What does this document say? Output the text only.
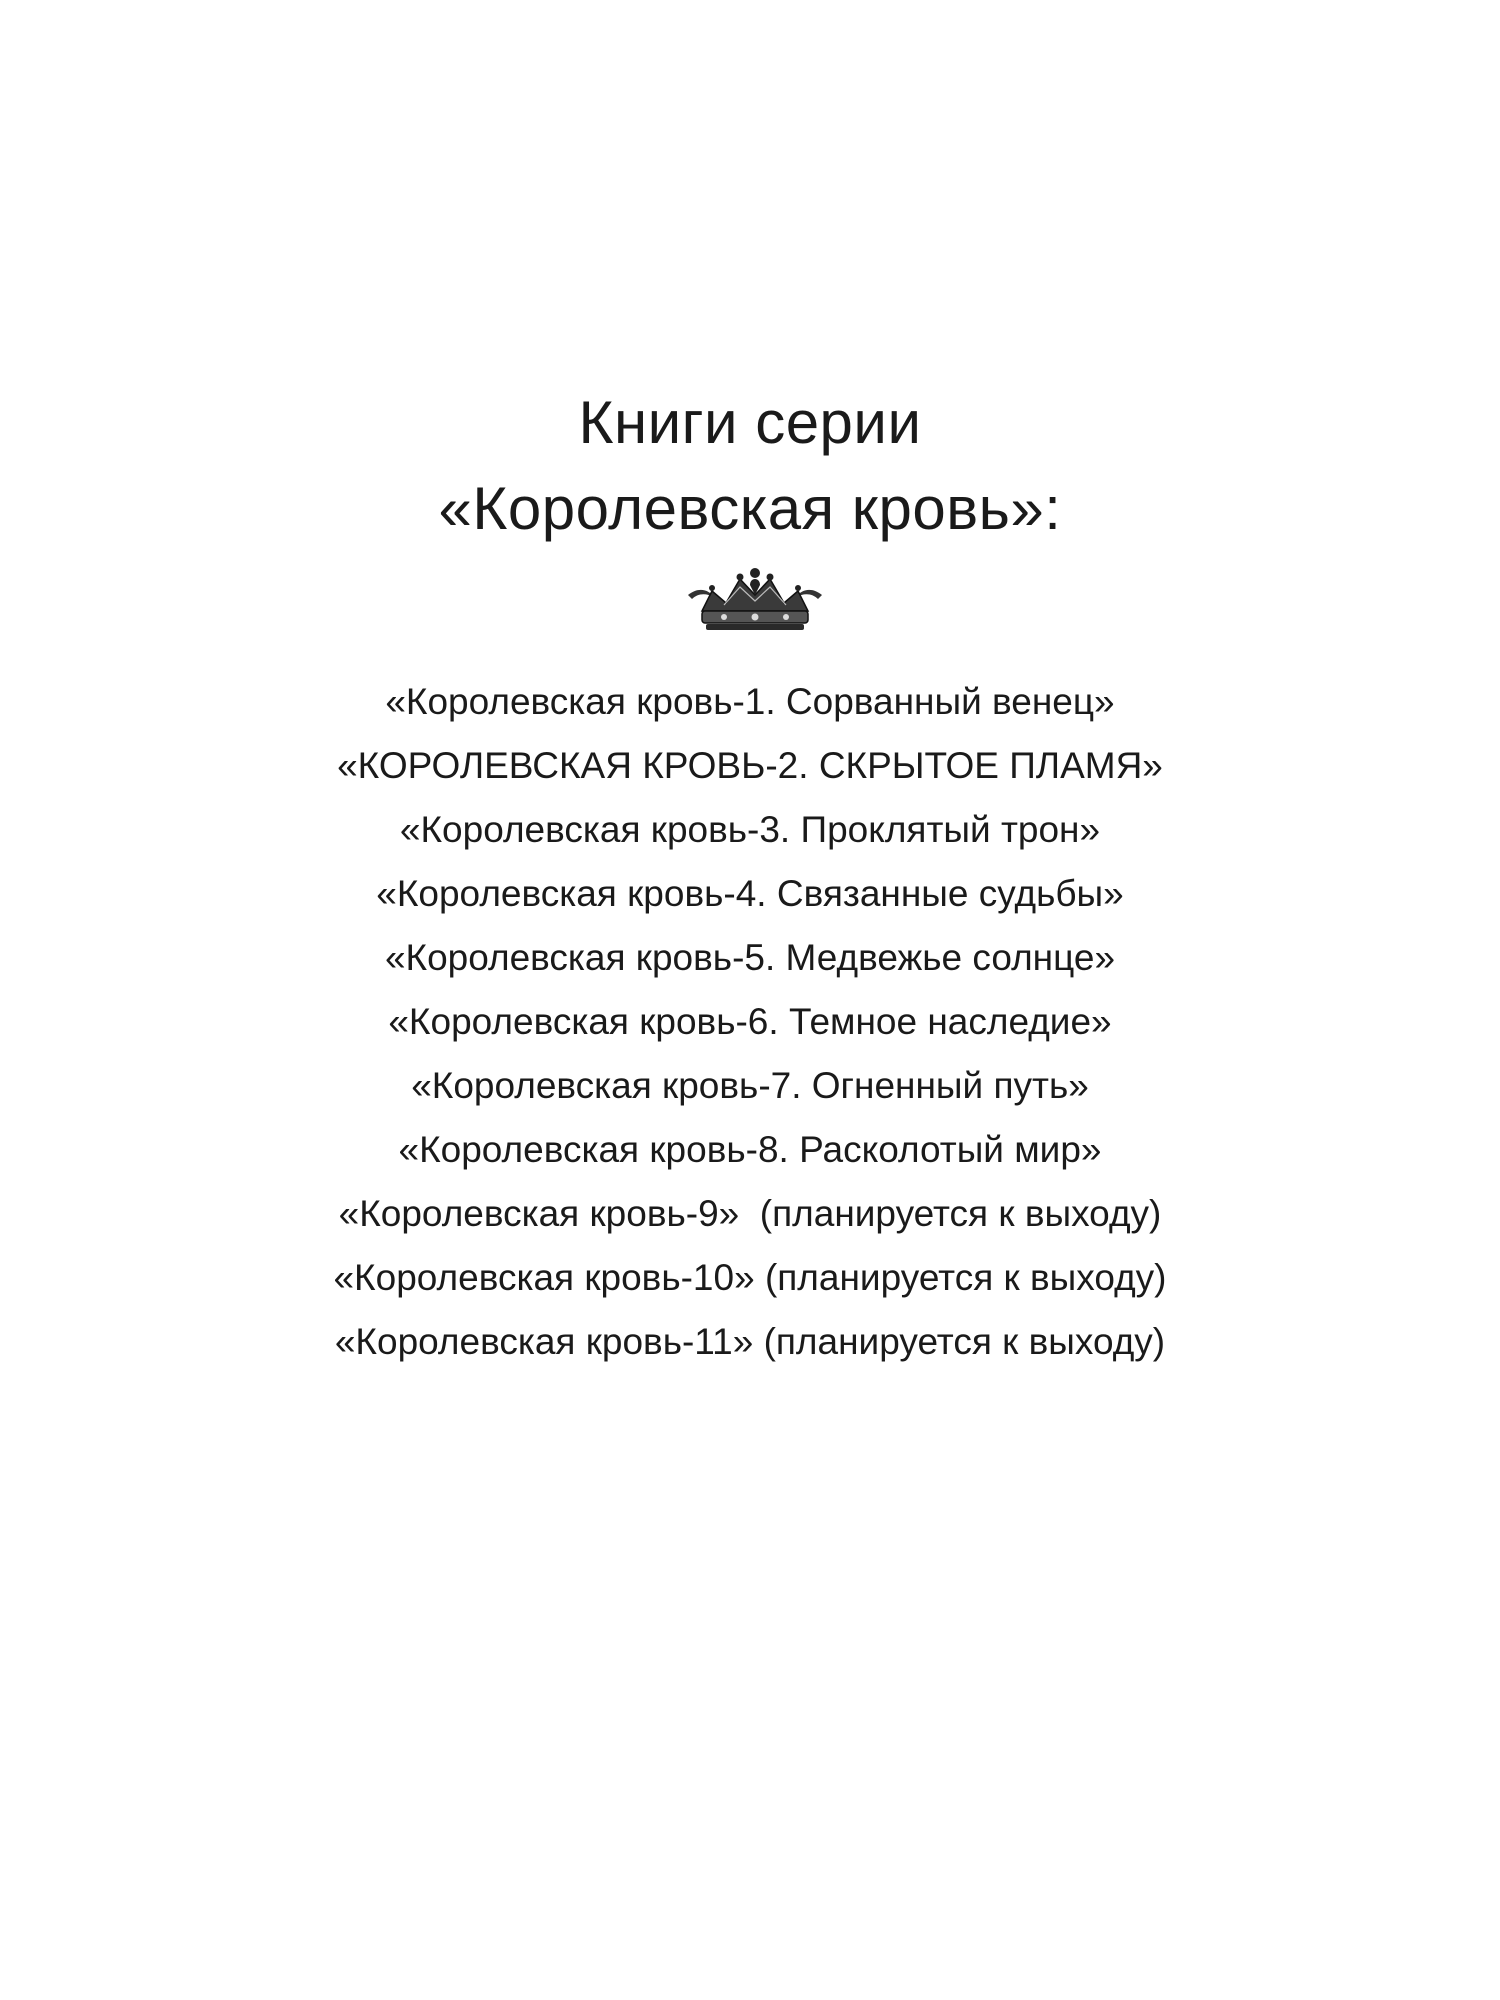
Книги серии
«Королевская кровь»:
«Королевская кровь-1. Сорванный венец»
«КОРОЛЕВСКАЯ КРОВЬ-2. СКРЫТОЕ ПЛАМЯ»
«Королевская кровь-3. Проклятый трон»
«Королевская кровь-4. Связанные судьбы»
«Королевская кровь-5. Медвежье солнце»
«Королевская кровь-6. Темное наследие»
«Королевская кровь-7. Огненный путь»
«Королевская кровь-8. Расколотый мир»
«Королевская кровь-9»  (планируется к выходу)
«Королевская кровь-10» (планируется к выходу)
«Королевская кровь-11» (планируется к выходу)
